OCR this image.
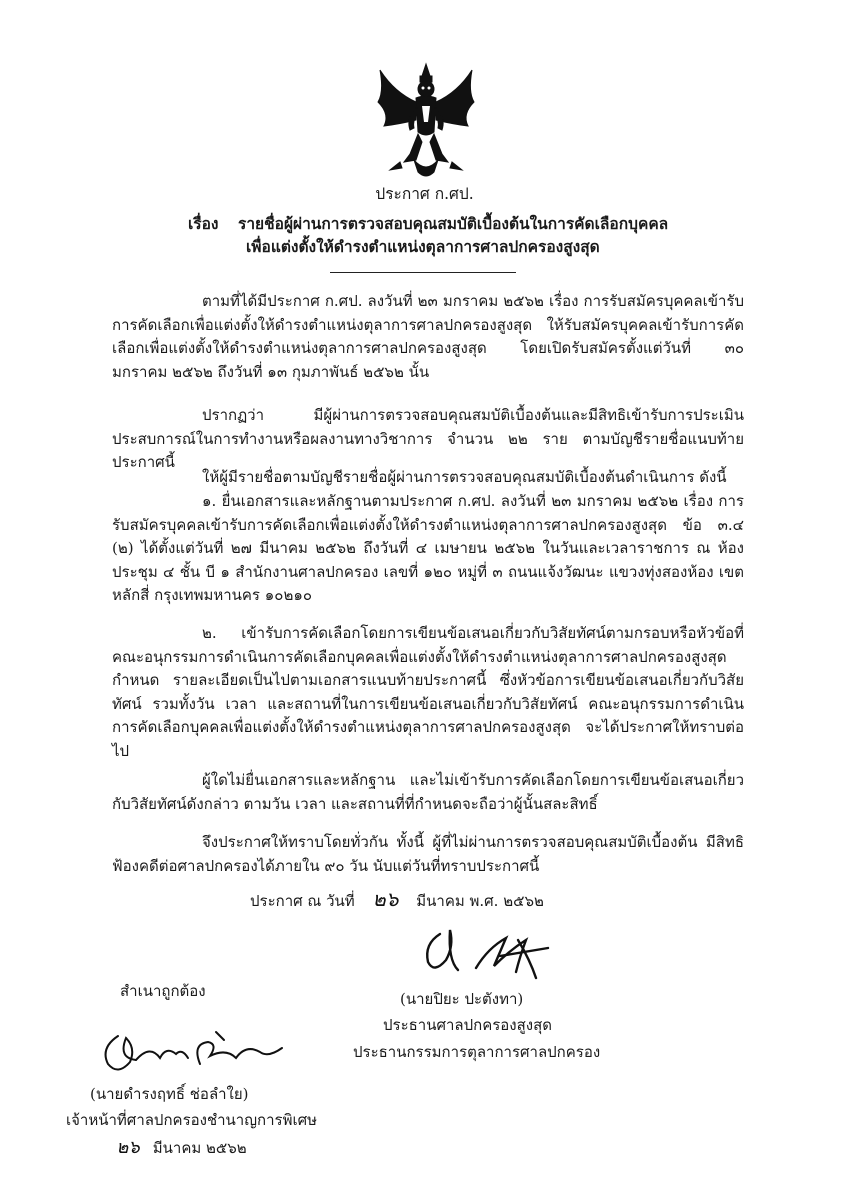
ประกาศ ก.ศป.
เรื่อง รายชื่อผู้ผ่านการตรวจสอบคุณสมบัติเบื้องต้นในการคัดเลือกบุคคล
เพื่อแต่งตั้งให้ดำรงตำแหน่งตุลาการศาลปกครองสูงสุด
ตามที่ได้มีประกาศ ก.ศป. ลงวันที่ ๒๓ มกราคม ๒๕๖๒ เรื่อง การรับสมัครบุคคลเข้ารับการคัดเลือกเพื่อแต่งตั้งให้ดำรงตำแหน่งตุลาการศาลปกครองสูงสุด ให้รับสมัครบุคคลเข้ารับการคัดเลือกเพื่อแต่งตั้งให้ดำรงตำแหน่งตุลาการศาลปกครองสูงสุด โดยเปิดรับสมัครตั้งแต่วันที่ ๓๐ มกราคม ๒๕๖๒ ถึงวันที่ ๑๓ กุมภาพันธ์ ๒๕๖๒ นั้น
ปรากฏว่า มีผู้ผ่านการตรวจสอบคุณสมบัติเบื้องต้นและมีสิทธิเข้ารับการประเมินประสบการณ์ในการทำงานหรือผลงานทางวิชาการ จำนวน ๒๒ ราย ตามบัญชีรายชื่อแนบท้ายประกาศนี้
ให้ผู้มีรายชื่อตามบัญชีรายชื่อผู้ผ่านการตรวจสอบคุณสมบัติเบื้องต้นดำเนินการ ดังนี้
๑. ยื่นเอกสารและหลักฐานตามประกาศ ก.ศป. ลงวันที่ ๒๓ มกราคม ๒๕๖๒ เรื่อง การรับสมัครบุคคลเข้ารับการคัดเลือกเพื่อแต่งตั้งให้ดำรงตำแหน่งตุลาการศาลปกครองสูงสุด ข้อ ๓.๔ (๒) ได้ตั้งแต่วันที่ ๒๗ มีนาคม ๒๕๖๒ ถึงวันที่ ๔ เมษายน ๒๕๖๒ ในวันและเวลาราชการ ณ ห้องประชุม ๔ ชั้น บี ๑ สำนักงานศาลปกครอง เลขที่ ๑๒๐ หมู่ที่ ๓ ถนนแจ้งวัฒนะ แขวงทุ่งสองห้อง เขตหลักสี่ กรุงเทพมหานคร ๑๐๒๑๐
๒. เข้ารับการคัดเลือกโดยการเขียนข้อเสนอเกี่ยวกับวิสัยทัศน์ตามกรอบหรือหัวข้อที่คณะอนุกรรมการดำเนินการคัดเลือกบุคคลเพื่อแต่งตั้งให้ดำรงตำแหน่งตุลาการศาลปกครองสูงสุดกำหนด รายละเอียดเป็นไปตามเอกสารแนบท้ายประกาศนี้ ซึ่งหัวข้อการเขียนข้อเสนอเกี่ยวกับวิสัยทัศน์ รวมทั้งวัน เวลา และสถานที่ในการเขียนข้อเสนอเกี่ยวกับวิสัยทัศน์ คณะอนุกรรมการดำเนินการคัดเลือกบุคคลเพื่อแต่งตั้งให้ดำรงตำแหน่งตุลาการศาลปกครองสูงสุด จะได้ประกาศให้ทราบต่อไป
ผู้ใดไม่ยื่นเอกสารและหลักฐาน และไม่เข้ารับการคัดเลือกโดยการเขียนข้อเสนอเกี่ยวกับวิสัยทัศน์ดังกล่าว ตามวัน เวลา และสถานที่ที่กำหนดจะถือว่าผู้นั้นสละสิทธิ์
จึงประกาศให้ทราบโดยทั่วกัน ทั้งนี้ ผู้ที่ไม่ผ่านการตรวจสอบคุณสมบัติเบื้องต้น มีสิทธิฟ้องคดีต่อศาลปกครองได้ภายใน ๙๐ วัน นับแต่วันที่ทราบประกาศนี้
ประกาศ ณ วันที่ ๒๖ มีนาคม พ.ศ. ๒๕๖๒
(นายปิยะ ปะตังทา)
ประธานศาลปกครองสูงสุด
ประธานกรรมการตุลาการศาลปกครอง
สำเนาถูกต้อง
(นายดำรงฤทธิ์ ช่อลำใย)
เจ้าหน้าที่ศาลปกครองชำนาญการพิเศษ
๒๖ มีนาคม ๒๕๖๒
